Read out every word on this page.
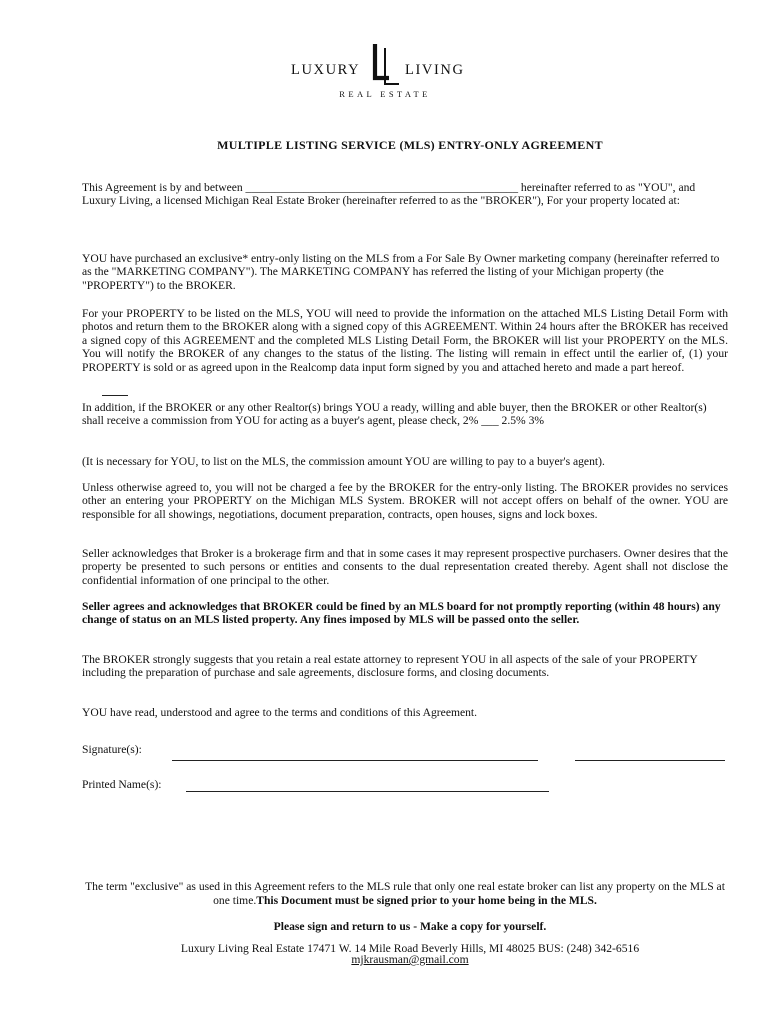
LUXURY	LIVING
REAL ESTATE
MULTIPLE LISTING SERVICE (MLS) ENTRY-ONLY AGREEMENT

This Agreement is by and between _______________________________________________ hereinafter referred to as "YOU", and Luxury Living, a licensed Michigan Real Estate Broker (hereinafter referred to as the "BROKER"), For your property located at:

YOU have purchased an exclusive* entry-only listing on the MLS from a For Sale By Owner marketing company (hereinafter referred to as the "MARKETING COMPANY"). The MARKETING COMPANY has referred the listing of your Michigan property (the "PROPERTY") to the BROKER.

For your PROPERTY to be listed on the MLS, YOU will need to provide the information on the attached MLS Listing Detail Form with photos and return them to the BROKER along with a signed copy of this AGREEMENT. Within 24 hours after the BROKER has received a signed copy of this AGREEMENT and the completed MLS Listing Detail Form, the BROKER will list your PROPERTY on the MLS. You will notify the BROKER of any changes to the status of the listing. The listing will remain in effect until the earlier of, (1) your PROPERTY is sold or as agreed upon in the Realcomp data input form signed by you and attached hereto and made a part hereof.

In addition, if the BROKER or any other Realtor(s) brings YOU a ready, willing and able buyer, then the BROKER or other Realtor(s) shall receive a commission from YOU for acting as a buyer's agent, please check, 2% ___ 2.5% 3%

(It is necessary for YOU, to list on the MLS, the commission amount YOU are willing to pay to a buyer's agent).

Unless otherwise agreed to, you will not be charged a fee by the BROKER for the entry-only listing. The BROKER provides no services other an entering your PROPERTY on the Michigan MLS System. BROKER will not accept offers on behalf of the owner. YOU are responsible for all showings, negotiations, document preparation, contracts, open houses, signs and lock boxes.

Seller acknowledges that Broker is a brokerage firm and that in some cases it may represent prospective purchasers. Owner desires that the property be presented to such persons or entities and consents to the dual representation created thereby. Agent shall not disclose the confidential information of one principal to the other.

Seller agrees and acknowledges that BROKER could be fined by an MLS board for not promptly reporting (within 48 hours) any change of status on an MLS listed property. Any fines imposed by MLS will be passed onto the seller.

The BROKER strongly suggests that you retain a real estate attorney to represent YOU in all aspects of the sale of your PROPERTY including the preparation of purchase and sale agreements, disclosure forms, and closing documents.

YOU have read, understood and agree to the terms and conditions of this Agreement.

Signature(s):
Printed Name(s):
The term "exclusive" as used in this Agreement refers to the MLS rule that only one real estate broker can list any property on the MLS at one time.This Document must be signed prior to your home being in the MLS.
Please sign and return to us - Make a copy for yourself.
Luxury Living Real Estate 17471 W. 14 Mile Road Beverly Hills, MI 48025 BUS: (248) 342-6516
mjkrausman@gmail.com
